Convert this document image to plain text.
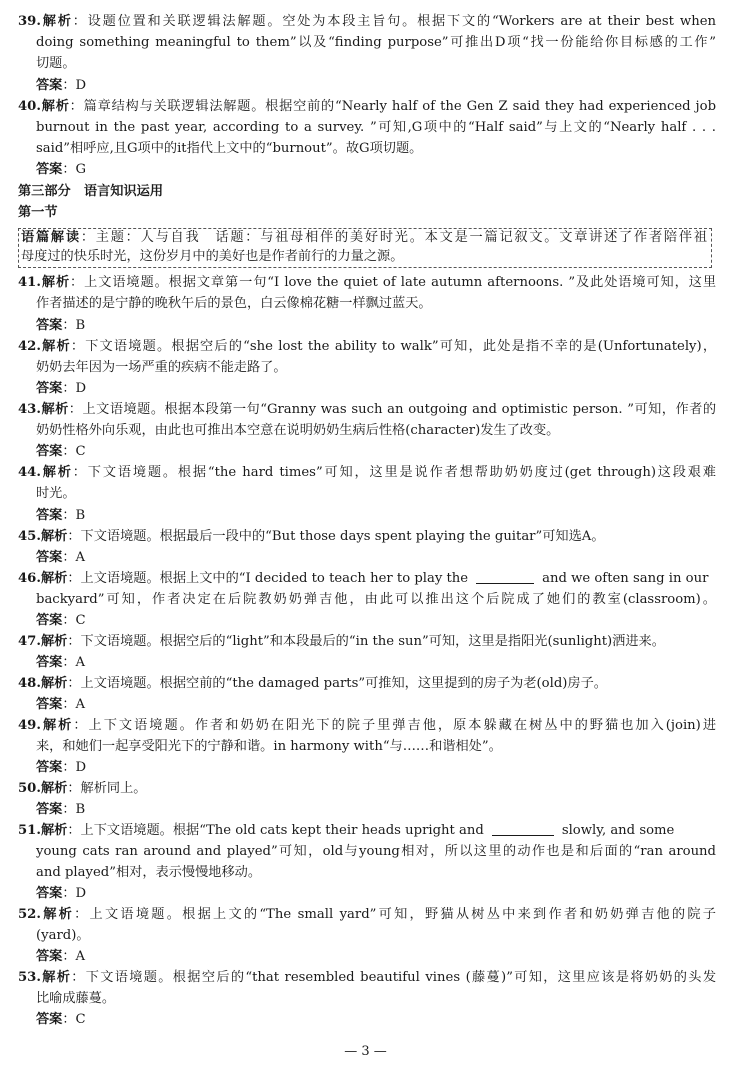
39.解析：设题位置和关联逻辑法解题。空处为本段主旨句。根据下文的“Workers are at their best when
doing something meaningful to them”以及“finding purpose”可推出D项“找一份能给你目标感的工作”
切题。
答案：D
40.解析：篇章结构与关联逻辑法解题。根据空前的“Nearly half of the Gen Z said they had experienced job
burnout in the past year, according to a survey. ”可知,G项中的“Half said”与上文的“Nearly half . . .
said”相呼应,且G项中的it指代上文中的“burnout”。故G项切题。
答案：G
第三部分　语言知识运用
第一节
语篇解读：主题：人与自我　话题：与祖母相伴的美好时光。本文是一篇记叙文。文章讲述了作者陪伴祖
母度过的快乐时光，这份岁月中的美好也是作者前行的力量之源。
41.解析：上文语境题。根据文章第一句“I love the quiet of late autumn afternoons. ”及此处语境可知，这里
作者描述的是宁静的晚秋午后的景色，白云像棉花糖一样飘过蓝天。
答案：B
42.解析：下文语境题。根据空后的“she lost the ability to walk”可知，此处是指不幸的是(Unfortunately)，
奶奶去年因为一场严重的疾病不能走路了。
答案：D
43.解析：上文语境题。根据本段第一句“Granny was such an outgoing and optimistic person. ”可知，作者的
奶奶性格外向乐观，由此也可推出本空意在说明奶奶生病后性格(character)发生了改变。
答案：C
44.解析：下文语境题。根据“the hard times”可知，这里是说作者想帮助奶奶度过(get through)这段艰难
时光。
答案：B
45.解析：下文语境题。根据最后一段中的“But those days spent playing the guitar”可知选A。
答案：A
46.解析：上文语境题。根据上文中的“I decided to teach her to play the	and we often sang in our
backyard”可知，作者决定在后院教奶奶弹吉他，由此可以推出这个后院成了她们的教室(classroom)。
答案：C
47.解析：下文语境题。根据空后的“light”和本段最后的“in the sun”可知，这里是指阳光(sunlight)洒进来。
答案：A
48.解析：上文语境题。根据空前的“the damaged parts”可推知，这里提到的房子为老(old)房子。
答案：A
49.解析：上下文语境题。作者和奶奶在阳光下的院子里弹吉他，原本躲藏在树丛中的野猫也加入(join)进
来，和她们一起享受阳光下的宁静和谐。in harmony with“与……和谐相处”。
答案：D
50.解析：解析同上。
答案：B
51.解析：上下文语境题。根据“The old cats kept their heads upright and	slowly, and some
young cats ran around and played”可知，old与young相对，所以这里的动作也是和后面的“ran around
and played”相对，表示慢慢地移动。
答案：D
52.解析：上文语境题。根据上文的“The small yard”可知，野猫从树丛中来到作者和奶奶弹吉他的院子
(yard)。
答案：A
53.解析：下文语境题。根据空后的“that resembled beautiful vines (藤蔓)”可知，这里应该是将奶奶的头发
比喻成藤蔓。
答案：C
— 3 —
